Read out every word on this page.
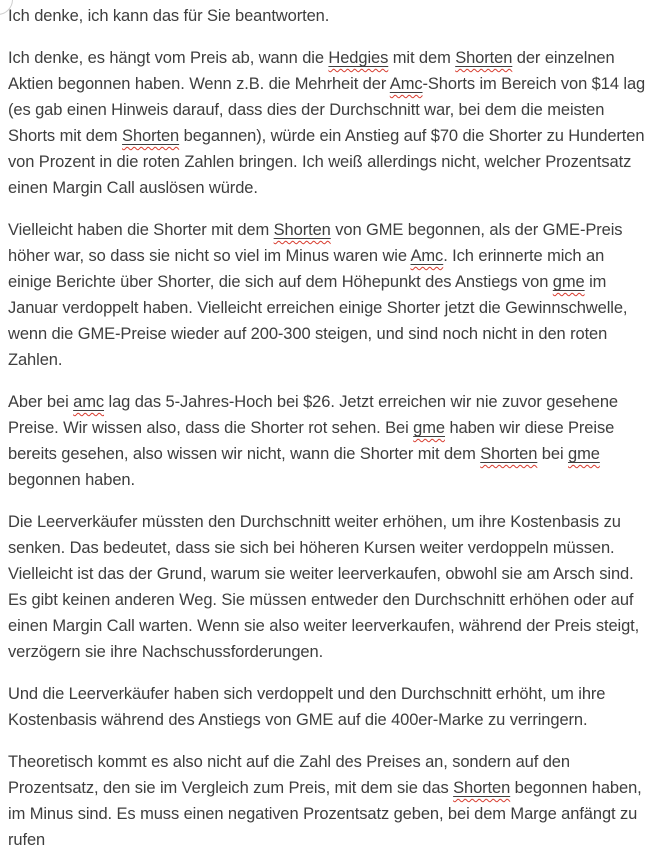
Ich denke, ich kann das für Sie beantworten.

Ich denke, es hängt vom Preis ab, wann die Hedgies mit dem Shorten der einzelnen Aktien begonnen haben. Wenn z.B. die Mehrheit der Amc-Shorts im Bereich von $14 lag (es gab einen Hinweis darauf, dass dies der Durchschnitt war, bei dem die meisten Shorts mit dem Shorten begannen), würde ein Anstieg auf $70 die Shorter zu Hunderten von Prozent in die roten Zahlen bringen. Ich weiß allerdings nicht, welcher Prozentsatz einen Margin Call auslösen würde.

Vielleicht haben die Shorter mit dem Shorten von GME begonnen, als der GME-Preis höher war, so dass sie nicht so viel im Minus waren wie Amc. Ich erinnerte mich an einige Berichte über Shorter, die sich auf dem Höhepunkt des Anstiegs von gme im Januar verdoppelt haben. Vielleicht erreichen einige Shorter jetzt die Gewinnschwelle, wenn die GME-Preise wieder auf 200-300 steigen, und sind noch nicht in den roten Zahlen.

Aber bei amc lag das 5-Jahres-Hoch bei $26. Jetzt erreichen wir nie zuvor gesehene Preise. Wir wissen also, dass die Shorter rot sehen. Bei gme haben wir diese Preise bereits gesehen, also wissen wir nicht, wann die Shorter mit dem Shorten bei gme begonnen haben.

Die Leerverkäufer müssten den Durchschnitt weiter erhöhen, um ihre Kostenbasis zu senken. Das bedeutet, dass sie sich bei höheren Kursen weiter verdoppeln müssen. Vielleicht ist das der Grund, warum sie weiter leerverkaufen, obwohl sie am Arsch sind. Es gibt keinen anderen Weg. Sie müssen entweder den Durchschnitt erhöhen oder auf einen Margin Call warten. Wenn sie also weiter leerverkaufen, während der Preis steigt, verzögern sie ihre Nachschussforderungen.

Und die Leerverkäufer haben sich verdoppelt und den Durchschnitt erhöht, um ihre Kostenbasis während des Anstiegs von GME auf die 400er-Marke zu verringern.

Theoretisch kommt es also nicht auf die Zahl des Preises an, sondern auf den Prozentsatz, den sie im Vergleich zum Preis, mit dem sie das Shorten begonnen haben, im Minus sind. Es muss einen negativen Prozentsatz geben, bei dem Marge anfängt zu rufen
